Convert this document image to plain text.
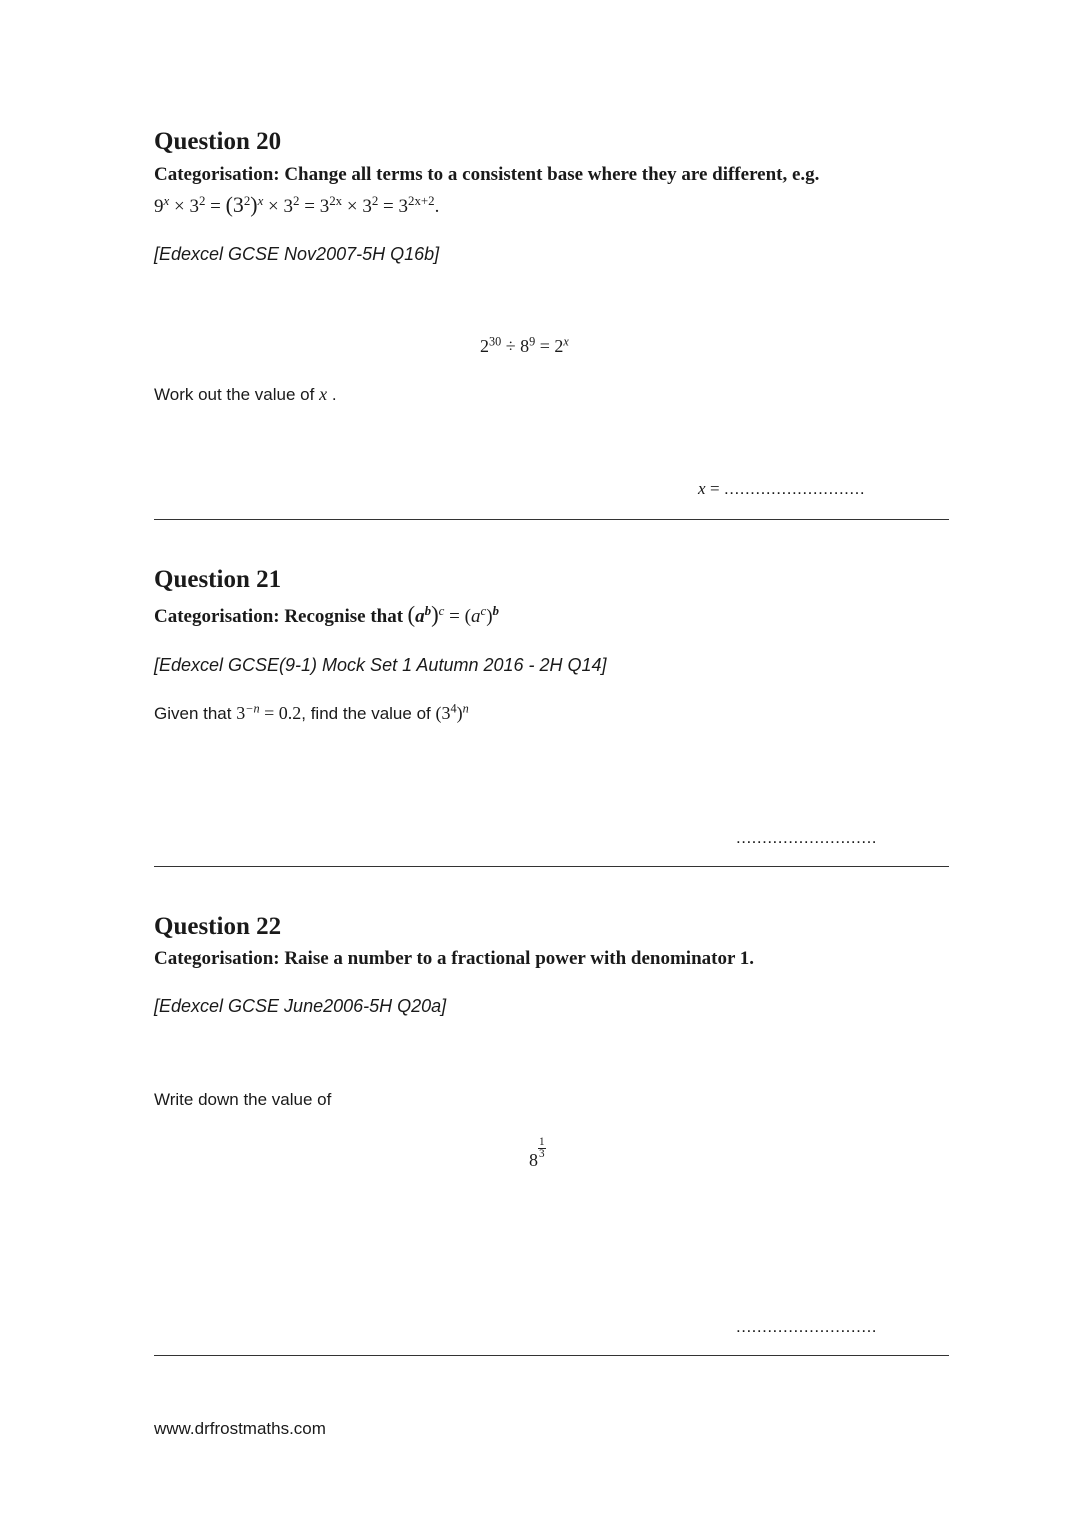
Question 20
Categorisation: Change all terms to a consistent base where they are different, e.g.
$9^x \times 3^2 = (3^2)^x \times 3^2 = 3^{2x} \times 3^2 = 3^{2x+2}$.
[Edexcel GCSE Nov2007-5H Q16b]
$2^{30} \div 8^9 = 2^x$
Work out the value of x .
x = ...........................
Question 21
Categorisation: Recognise that $(a^b)^c = (a^c)^b$
[Edexcel GCSE(9-1) Mock Set 1 Autumn 2016 - 2H Q14]
Given that $3^{-n} = 0.2$, find the value of $(3^4)^n$
...........................
Question 22
Categorisation: Raise a number to a fractional power with denominator 1.
[Edexcel GCSE June2006-5H Q20a]
Write down the value of
$8 \frac{1}{3}$
...........................
www.drfrostmaths.com
